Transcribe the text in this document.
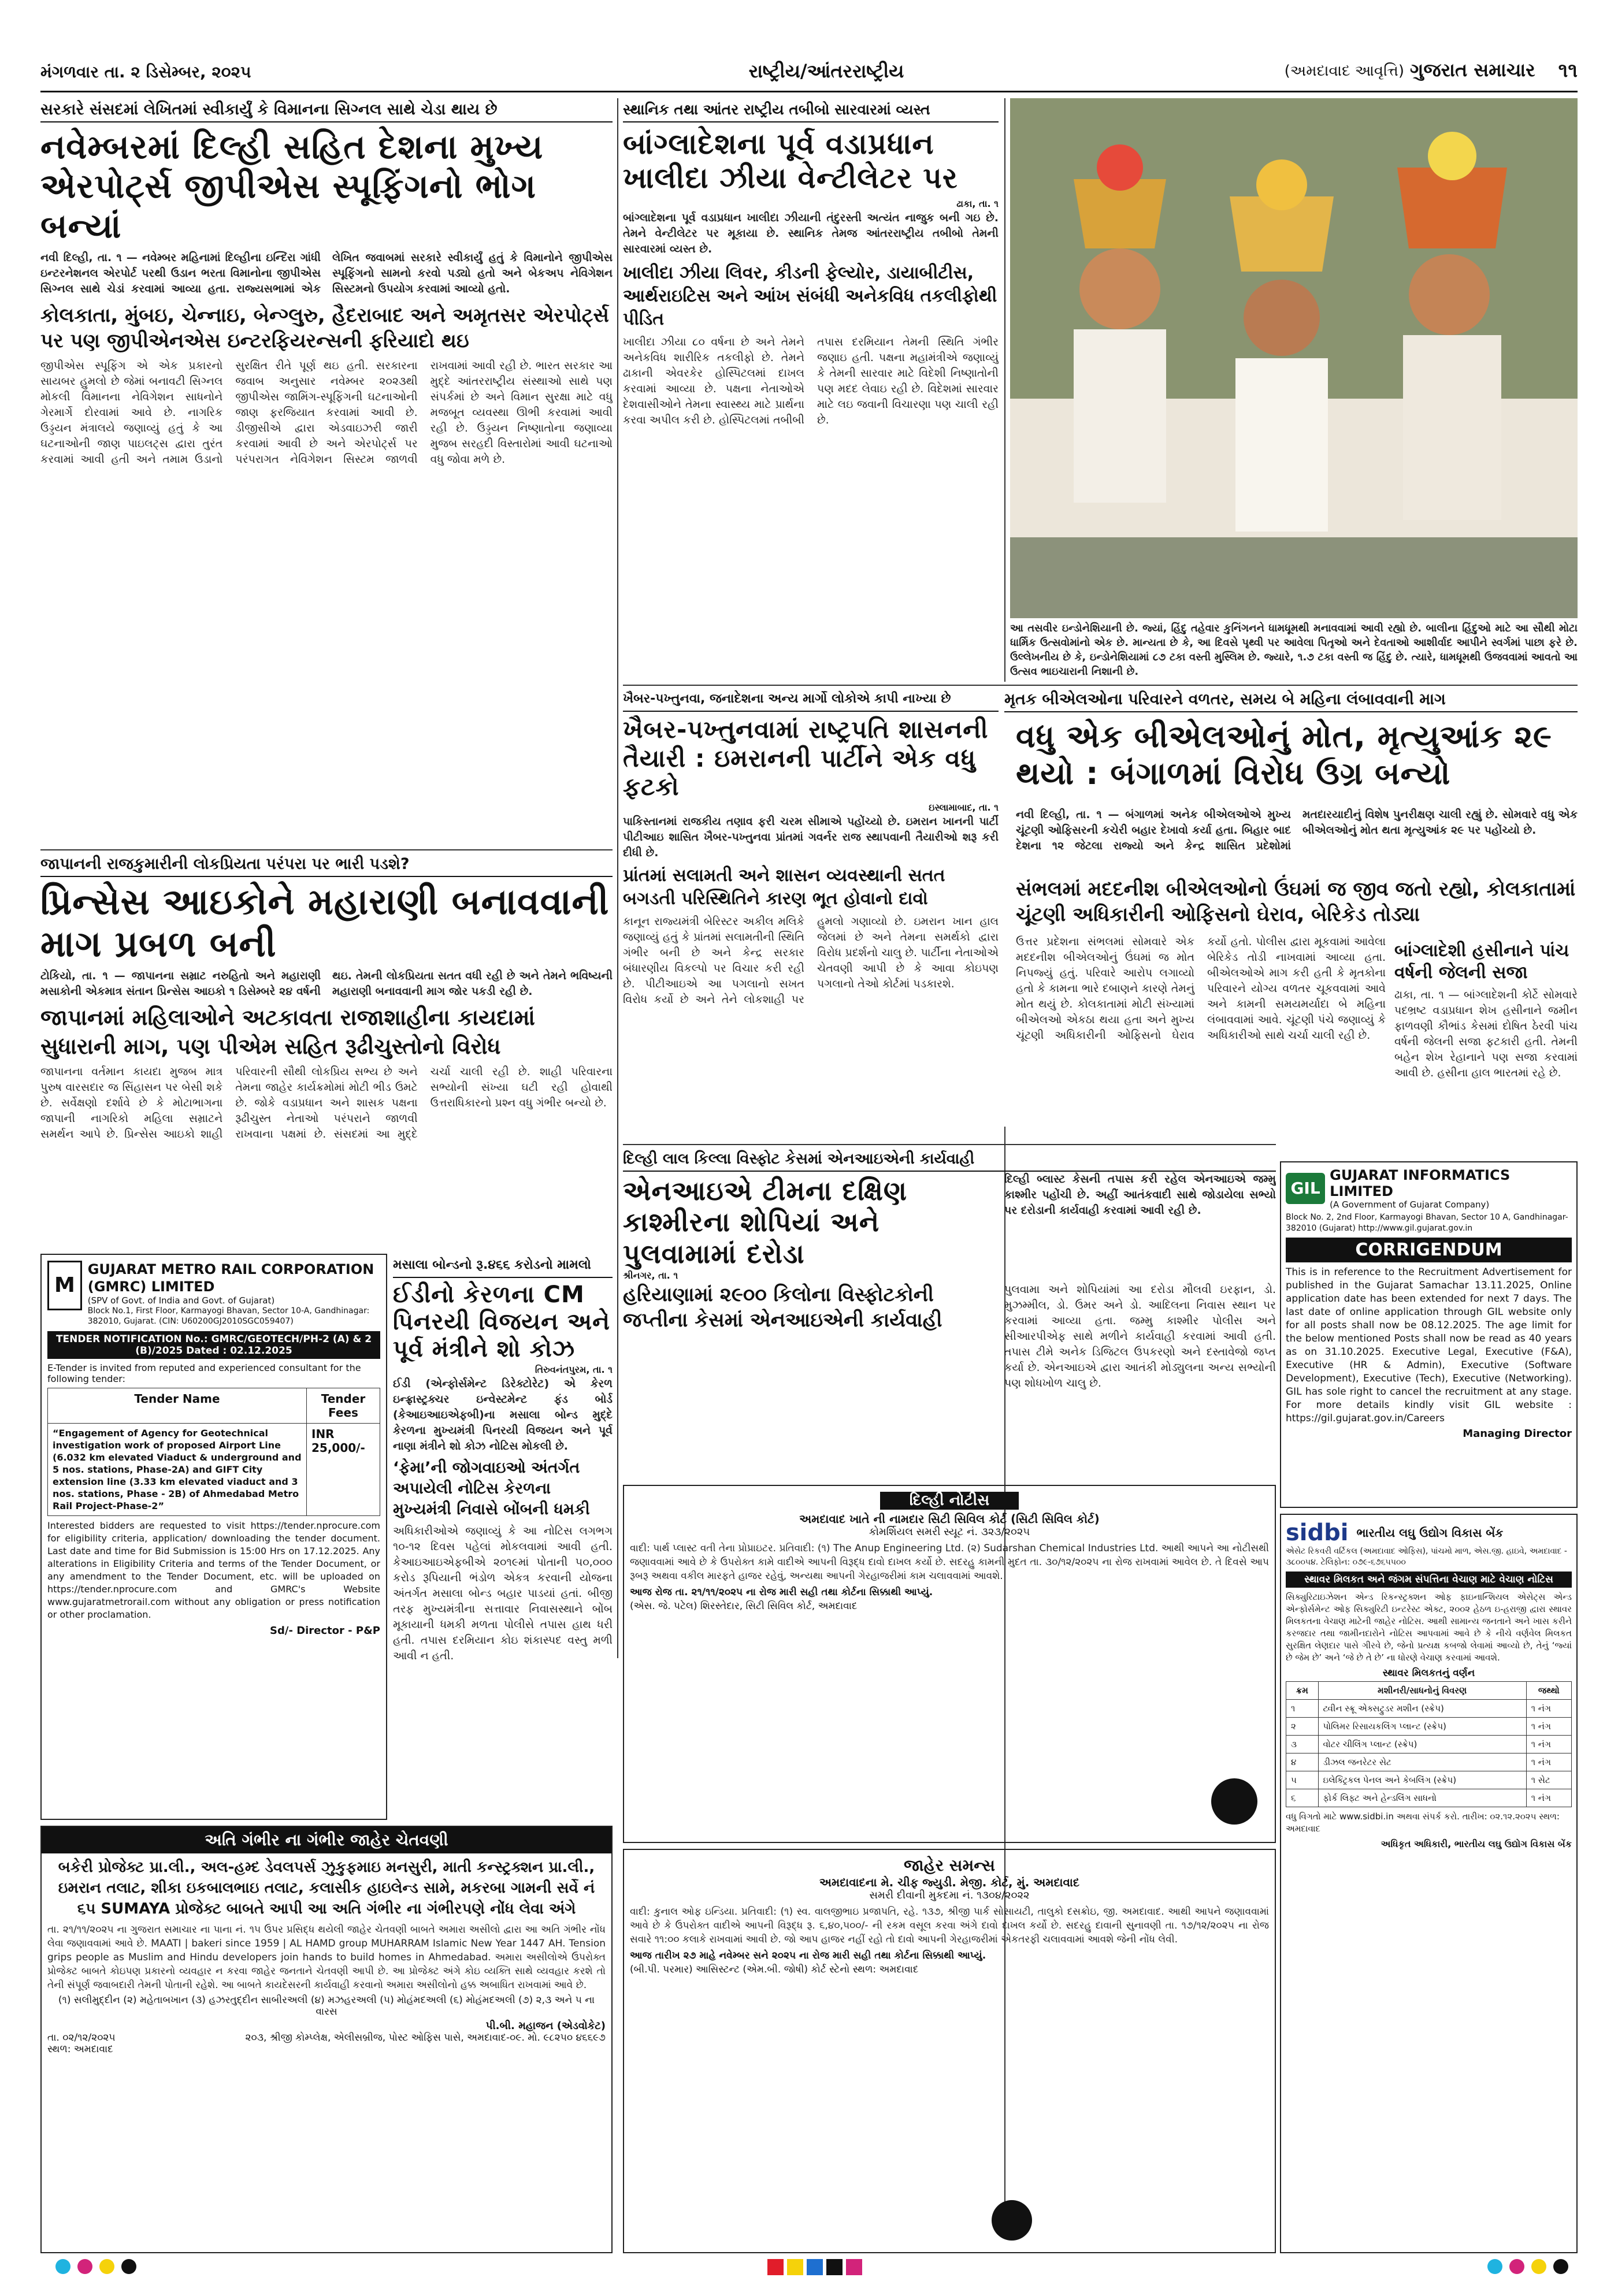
મંગળવાર તા. ૨ ડિસેમ્બર, ૨૦૨૫	રાષ્ટ્રીય/આંતરરાષ્ટ્રીય	(અમદાવાદ આવૃત્તિ) ગુજરાત સમાચાર	૧૧
સરકારે સંસદમાં લેખિતમાં સ્વીકાર્યું કે વિમાનના સિગ્નલ સાથે ચેડા થાય છે
નવેમ્બરમાં દિલ્હી સહિત દેશના મુખ્ય એરપોર્ટ્સ જીપીએસ સ્પૂફિંગનો ભોગ બન્યાં
નવી દિલ્હી, તા. ૧ — નવેમ્બર મહિનામાં દિલ્હીના ઇન્દિરા ગાંધી ઇન્ટરનેશનલ એરપોર્ટ પરથી ઉડાન ભરતા વિમાનોના જીપીએસ સિગ્નલ સાથે ચેડાં કરવામાં આવ્યા હતા. રાજ્યસભામાં એક લેખિત જવાબમાં સરકારે સ્વીકાર્યું હતું કે વિમાનોને જીપીએસ સ્પૂફિંગનો સામનો કરવો પડ્યો હતો અને બેકઅપ નેવિગેશન સિસ્ટમનો ઉપયોગ કરવામાં આવ્યો હતો.
કોલકાતા, મુંબઇ, ચેન્નાઇ, બેન્ગ્લુરુ, હૈદરાબાદ અને અમૃતસર એરપોર્ટ્સ પર પણ જીપીએનએસ ઇન્ટરફિયરન્સની ફરિયાદો થઇ
જીપીએસ સ્પૂફિંગ એ એક પ્રકારનો સાયબર હુમલો છે જેમાં બનાવટી સિગ્નલ મોકલી વિમાનના નેવિગેશન સાધનોને ગેરમાર્ગે દોરવામાં આવે છે. નાગરિક ઉડ્ડયન મંત્રાલયે જણાવ્યું હતું કે આ ઘટનાઓની જાણ પાઇલટ્સ દ્વારા તુરંત કરવામાં આવી હતી અને તમામ ઉડાનો સુરક્ષિત રીતે પૂર્ણ થઇ હતી. સરકારના જવાબ અનુસાર નવેમ્બર ૨૦૨૩થી જીપીએસ જામિંગ-સ્પૂફિંગની ઘટનાઓની જાણ ફરજિયાત કરવામાં આવી છે. ડીજીસીએ દ્વારા એડવાઇઝરી જારી કરવામાં આવી છે અને એરપોર્ટ્સ પર પરંપરાગત નેવિગેશન સિસ્ટમ જાળવી રાખવામાં આવી રહી છે. ભારત સરકાર આ મુદ્દે આંતરરાષ્ટ્રીય સંસ્થાઓ સાથે પણ સંપર્કમાં છે અને વિમાન સુરક્ષા માટે વધુ મજબૂત વ્યવસ્થા ઊભી કરવામાં આવી રહી છે. ઉડ્ડયન નિષ્ણાતોના જણાવ્યા મુજબ સરહદી વિસ્તારોમાં આવી ઘટનાઓ વધુ જોવા મળે છે.
સ્થાનિક તથા આંતર રાષ્ટ્રીય તબીબો સારવારમાં વ્યસ્ત
બાંગ્લાદેશના પૂર્વ વડાપ્રધાન ખાલીદા ઝીયા વેન્ટીલેટર પર
ઢાકા, તા. ૧
બાંગ્લાદેશના પૂર્વ વડાપ્રધાન ખાલીદા ઝીયાની તંદુરસ્તી અત્યંત નાજુક બની ગઇ છે. તેમને વેન્ટીલેટર પર મૂકાયા છે. સ્થાનિક તેમજ આંતરરાષ્ટ્રીય તબીબો તેમની સારવારમાં વ્યસ્ત છે.
ખાલીદા ઝીયા લિવર, કીડની ફેલ્યોર, ડાયાબીટીસ, આર્થરાઇટિસ અને આંખ સંબંધી અનેકવિધ તકલીફોથી પીડિત
ખાલીદા ઝીયા ૮૦ વર્ષના છે અને તેમને અનેકવિધ શારીરિક તકલીફો છે. તેમને ઢાકાની એવરકેર હોસ્પિટલમાં દાખલ કરવામાં આવ્યા છે. પક્ષના નેતાઓએ દેશવાસીઓને તેમના સ્વાસ્થ્ય માટે પ્રાર્થના કરવા અપીલ કરી છે. હોસ્પિટલમાં તબીબી તપાસ દરમિયાન તેમની સ્થિતિ ગંભીર જણાઇ હતી. પક્ષના મહામંત્રીએ જણાવ્યું કે તેમની સારવાર માટે વિદેશી નિષ્ણાતોની પણ મદદ લેવાઇ રહી છે. વિદેશમાં સારવાર માટે લઇ જવાની વિચારણા પણ ચાલી રહી છે.
આ તસવીર ઇન્ડોનેશિયાની છે. જ્યાં, હિંદુ તહેવાર કુનિંગનને ધામધૂમથી મનાવવામાં આવી રહ્યો છે. બાલીના હિંદુઓ માટે આ સૌથી મોટા ધાર્મિક ઉત્સવોમાંનો એક છે. માન્યતા છે કે, આ દિવસે પૃથ્વી પર આવેલા પિતૃઓ અને દેવતાઓ આશીર્વાદ આપીને સ્વર્ગમાં પાછા ફરે છે. ઉલ્લેખનીય છે કે, ઇન્ડોનેશિયામાં ૮૭ ટકા વસ્તી મુસ્લિમ છે. જ્યારે, ૧.૭ ટકા વસ્તી જ હિંદુ છે. ત્યારે, ધામધૂમથી ઉજવવામાં આવતો આ ઉત્સવ ભાઇચારાની નિશાની છે.
મૃતક બીએલઓના પરિવારને વળતર, સમય બે મહિના લંબાવવાની માગ
વધુ એક બીએલઓનું મોત, મૃત્યુઆંક ૨૯ થયો : બંગાળમાં વિરોધ ઉગ્ર બન્યો
નવી દિલ્હી, તા. ૧ — બંગાળમાં અનેક બીએલઓએ મુખ્ય ચૂંટણી ઓફિસરની કચેરી બહાર દેખાવો કર્યા હતા. બિહાર બાદ દેશના ૧૨ જેટલા રાજ્યો અને કેન્દ્ર શાસિત પ્રદેશોમાં મતદારયાદીનું વિશેષ પુનરીક્ષણ ચાલી રહ્યું છે. સોમવારે વધુ એક બીએલઓનું મોત થતા મૃત્યુઆંક ૨૯ પર પહોંચ્યો છે.
સંભલમાં મદદનીશ બીએલઓનો ઉંઘમાં જ જીવ જતો રહ્યો, કોલકાતામાં ચૂંટણી અધિકારીની ઓફિસનો ઘેરાવ, બેરિકેડ તોડ્યા
ઉત્તર પ્રદેશના સંભલમાં સોમવારે એક મદદનીશ બીએલઓનું ઉંઘમાં જ મોત નિપજ્યું હતું. પરિવારે આરોપ લગાવ્યો હતો કે કામના ભારે દબાણને કારણે તેમનું મોત થયું છે. કોલકાતામાં મોટી સંખ્યામાં બીએલઓ એકઠા થયા હતા અને મુખ્ય ચૂંટણી અધિકારીની ઓફિસનો ઘેરાવ કર્યો હતો. પોલીસ દ્વારા મૂકવામાં આવેલા બેરિકેડ તોડી નાખવામાં આવ્યા હતા. બીએલઓએ માગ કરી હતી કે મૃતકોના પરિવારને યોગ્ય વળતર ચૂકવવામાં આવે અને કામની સમયમર્યાદા બે મહિના લંબાવવામાં આવે. ચૂંટણી પંચે જણાવ્યું કે અધિકારીઓ સાથે ચર્ચા ચાલી રહી છે.
બાંગ્લાદેશી હસીનાને પાંચ વર્ષની જેલની સજા
ઢાકા, તા. ૧ — બાંગ્લાદેશની કોર્ટે સોમવારે પદભ્રષ્ટ વડાપ્રધાન શેખ હસીનાને જમીન ફાળવણી કૌભાંડ કેસમાં દોષિત ઠેરવી પાંચ વર્ષની જેલની સજા ફટકારી હતી. તેમની બહેન શેખ રેહાનાને પણ સજા કરવામાં આવી છે. હસીના હાલ ભારતમાં રહે છે.
ખૈબર-પખ્તુનવા, જનાદેશના અન્ય માર્ગો લોકોએ કાપી નાખ્યા છે
ખૈબર-પખ્તુનવામાં રાષ્ટ્રપતિ શાસનની તૈયારી : ઇમરાનની પાર્ટીને એક વધુ ફટકો
ઇસ્લામાબાદ, તા. ૧
પાકિસ્તાનમાં રાજકીય તણાવ ફરી ચરમ સીમાએ પહોંચ્યો છે. ઇમરાન ખાનની પાર્ટી પીટીઆઇ શાસિત ખૈબર-પખ્તુનવા પ્રાંતમાં ગવર્નર રાજ સ્થાપવાની તૈયારીઓ શરૂ કરી દીધી છે.
પ્રાંતમાં સલામતી અને શાસન વ્યવસ્થાની સતત બગડતી પરિસ્થિતિને કારણ ભૂત હોવાનો દાવો
કાનૂન રાજ્યમંત્રી બેરિસ્ટર અકીલ મલિકે જણાવ્યું હતું કે પ્રાંતમાં સલામતીની સ્થિતિ ગંભીર બની છે અને કેન્દ્ર સરકાર બંધારણીય વિકલ્પો પર વિચાર કરી રહી છે. પીટીઆઇએ આ પગલાનો સખત વિરોધ કર્યો છે અને તેને લોકશાહી પર હુમલો ગણાવ્યો છે. ઇમરાન ખાન હાલ જેલમાં છે અને તેમના સમર્થકો દ્વારા વિરોધ પ્રદર્શનો ચાલુ છે. પાર્ટીના નેતાઓએ ચેતવણી આપી છે કે આવા કોઇપણ પગલાનો તેઓ કોર્ટમાં પડકારશે.
જાપાનની રાજકુમારીની લોકપ્રિયતા પરંપરા પર ભારી પડશે?
પ્રિન્સેસ આઇકોને મહારાણી બનાવવાની માગ પ્રબળ બની
ટોકિયો, તા. ૧ — જાપાનના સમ્રાટ નરુહિતો અને મહારાણી મસાકોની એકમાત્ર સંતાન પ્રિન્સેસ આઇકો ૧ ડિસેમ્બરે ૨૪ વર્ષની થઇ. તેમની લોકપ્રિયતા સતત વધી રહી છે અને તેમને ભવિષ્યની મહારાણી બનાવવાની માગ જોર પકડી રહી છે.
જાપાનમાં મહિલાઓને અટકાવતા રાજાશાહીના કાયદામાં સુધારાની માગ, પણ પીએમ સહિત રૂઢીચુસ્તોનો વિરોધ
જાપાનના વર્તમાન કાયદા મુજબ માત્ર પુરુષ વારસદાર જ સિંહાસન પર બેસી શકે છે. સર્વેક્ષણો દર્શાવે છે કે મોટાભાગના જાપાની નાગરિકો મહિલા સમ્રાટને સમર્થન આપે છે. પ્રિન્સેસ આઇકો શાહી પરિવારની સૌથી લોકપ્રિય સભ્ય છે અને તેમના જાહેર કાર્યક્રમોમાં મોટી ભીડ ઉમટે છે. જોકે વડાપ્રધાન અને શાસક પક્ષના રૂઢીચુસ્ત નેતાઓ પરંપરાને જાળવી રાખવાના પક્ષમાં છે. સંસદમાં આ મુદ્દે ચર્ચા ચાલી રહી છે. શાહી પરિવારના સભ્યોની સંખ્યા ઘટી રહી હોવાથી ઉત્તરાધિકારનો પ્રશ્ન વધુ ગંભીર બન્યો છે.
દિલ્હી લાલ કિલ્લા વિસ્ફોટ કેસમાં એનઆઇએની કાર્યવાહી
એનઆઇએ ટીમના દક્ષિણ કાશ્મીરના શોપિયાં અને પુલવામામાં દરોડા
દિલ્હી બ્લાસ્ટ કેસની તપાસ કરી રહેલ એનઆઇએ જમ્મુ કાશ્મીર પહોંચી છે. અહીં આતંકવાદી સાથે જોડાયેલા સભ્યો પર દરોડાની કાર્યવાહી કરવામાં આવી રહી છે.
શ્રીનગર, તા. ૧
હરિયાણામાં ૨૯૦૦ કિલોના વિસ્ફોટકોની જપ્તીના કેસમાં એનઆઇએની કાર્યવાહી
પુલવામા અને શોપિયાંમાં આ દરોડા મૌલવી ઇરફાન, ડો. મુઝમ્મીલ, ડો. ઉમર અને ડો. આદિલના નિવાસ સ્થાન પર કરવામાં આવ્યા હતા. જમ્મુ કાશ્મીર પોલીસ અને સીઆરપીએફ સાથે મળીને કાર્યવાહી કરવામાં આવી હતી. તપાસ ટીમે અનેક ડિજિટલ ઉપકરણો અને દસ્તાવેજો જપ્ત કર્યા છે. એનઆઇએ દ્વારા આતંકી મોડ્યુલના અન્ય સભ્યોની પણ શોધખોળ ચાલુ છે.
GIL
GUJARAT INFORMATICS LIMITED
(A Government of Gujarat Company)
Block No. 2, 2nd Floor, Karmayogi Bhavan, Sector 10 A, Gandhinagar-382010 (Gujarat) http://www.gil.gujarat.gov.in
CORRIGENDUM
This is in reference to the Recruitment Advertisement for published in the Gujarat Samachar 13.11.2025, Online application date has been extended for next 7 days. The last date of online application through GIL website only for all posts shall now be 08.12.2025. The age limit for the below mentioned Posts shall now be read as 40 years as on 31.10.2025. Executive Legal, Executive (F&A), Executive (HR & Admin), Executive (Software Development), Executive (Tech), Executive (Networking). GIL has sole right to cancel the recruitment at any stage. For more details kindly visit GIL website : https://gil.gujarat.gov.in/Careers
Managing Director
M
GUJARAT METRO RAIL CORPORATION (GMRC) LIMITED
(SPV of Govt. of India and Govt. of Gujarat)
Block No.1, First Floor, Karmayogi Bhavan, Sector 10-A, Gandhinagar: 382010, Gujarat. (CIN: U60200GJ2010SGC059407)
TENDER NOTIFICATION No.: GMRC/GEOTECH/PH-2 (A) & 2 (B)/2025 Dated : 02.12.2025
E-Tender is invited from reputed and experienced consultant for the following tender:
Tender Name	Tender Fees
“Engagement of Agency for Geotechnical investigation work of proposed Airport Line (6.032 km elevated Viaduct & underground and 5 nos. stations, Phase-2A) and GIFT City extension line (3.33 km elevated viaduct and 3 nos. stations, Phase - 2B) of Ahmedabad Metro Rail Project-Phase-2”	INR 25,000/-
Interested bidders are requested to visit https://tender.nprocure.com for eligibility criteria, application/ downloading the tender document. Last date and time for Bid Submission is 15:00 Hrs on 17.12.2025. Any alterations in Eligibility Criteria and terms of the Tender Document, or any amendment to the Tender Document, etc. will be uploaded on https://tender.nprocure.com and GMRC's Website www.gujaratmetrorail.com without any obligation or press notification or other proclamation.
Sd/- Director - P&P
મસાલા બોન્ડનો રૂ.૪૬૬ કરોડનો મામલો
ઈડીનો કેરળના CM પિનરયી વિજયન અને પૂર્વ મંત્રીને શો કોઝ
તિરુવનંતપુરમ, તા. ૧
ઈડી (એન્ફોર્સમેન્ટ ડિરેક્ટોરેટ) એ કેરળ ઇન્ફ્રાસ્ટ્રક્ચર ઇન્વેસ્ટમેન્ટ ફંડ બોર્ડ (કેઆઇઆઇએફબી)ના મસાલા બોન્ડ મુદ્દે કેરળના મુખ્યમંત્રી પિનરયી વિજયન અને પૂર્વ નાણા મંત્રીને શો કોઝ નોટિસ મોકલી છે.
‘ફેમા’ની જોગવાઇઓ અંતર્ગત અપાયેલી નોટિસ કેરળના મુખ્યમંત્રી નિવાસે બોંબની ધમકી
અધિકારીઓએ જણાવ્યું કે આ નોટિસ લગભગ ૧૦-૧૨ દિવસ પહેલાં મોકલવામાં આવી હતી. કેઆઇઆઇએફબીએ ૨૦૧૯માં પોતાની ૫૦,૦૦૦ કરોડ રૂપિયાની ભંડોળ એકત્ર કરવાની યોજના અંતર્ગત મસાલા બોન્ડ બહાર પાડયાં હતાં. બીજી તરફ મુખ્યમંત્રીના સત્તાવાર નિવાસસ્થાને બોંબ મૂકાયાની ધમકી મળતા પોલીસે તપાસ હાથ ધરી હતી. તપાસ દરમિયાન કોઇ શંકાસ્પદ વસ્તુ મળી આવી ન હતી.
દિલ્હી નોટીસ
અમદાવાદ ખાતે ની નામદાર સિટી સિવિલ કોર્ટ (સિટી સિવિલ કોર્ટ)
કોમર્શિયલ સમરી સ્યૂટ નં. ૩૨૩/૨૦૨૫
વાદી: પાર્થ પ્લાસ્ટ વતી તેના પ્રોપ્રાઇટર. પ્રતિવાદી: (૧) The Anup Engineering Ltd. (૨) Sudarshan Chemical Industries Ltd. આથી આપને આ નોટીસથી જણાવવામાં આવે છે કે ઉપરોક્ત કામે વાદીએ આપની વિરૂદ્ધ દાવો દાખલ કર્યો છે. સદરહુ કામની મુદત તા. ૩૦/૧૨/૨૦૨૫ ના રોજ રાખવામાં આવેલ છે. તે દિવસે આપ રૂબરૂ અથવા વકીલ મારફતે હાજર રહેવું, અન્યથા આપની ગેરહાજરીમાં કામ ચલાવવામાં આવશે.
આજ રોજ તા. ૨૧/૧૧/૨૦૨૫ ના રોજ મારી સહી તથા કોર્ટના સિક્કાથી આપ્યું.
(એસ. જે. પટેલ) શિરસ્તેદાર, સિટી સિવિલ કોર્ટ, અમદાવાદ
જાહેર સમન્સ
અમદાવાદના મે. ચીફ જ્યુડી. મેજી. કોર્ટ, મું. અમદાવાદ
સમરી દીવાની મુકદમા નં. ૧૩૦૪/૨૦૨૨
વાદી: કુનાલ ઓફ ઇન્ડિયા. પ્રતિવાદી: (૧) સ્વ. વાલજીભાઇ પ્રજાપતિ, રહે. ૧૩૭, શ્રીજી પાર્ક સોસાયટી, તાલુકો દસક્રોઇ, જી. અમદાવાદ. આથી આપને જણાવવામાં આવે છે કે ઉપરોક્ત વાદીએ આપની વિરૂદ્ધ રૂ. ૬,૪૦,૫૦૦/- ની રકમ વસૂલ કરવા અંગે દાવો દાખલ કર્યો છે. સદરહુ દાવાની સુનાવણી તા. ૧૭/૧૨/૨૦૨૫ ના રોજ સવારે ૧૧:૦૦ કલાકે રાખવામાં આવી છે. જો આપ હાજર નહીં રહો તો દાવો આપની ગેરહાજરીમાં એકતરફી ચલાવવામાં આવશે જેની નોંધ લેવી.
આજ તારીખ ૨૭ માહે નવેમ્બર સને ૨૦૨૫ ના રોજ મારી સહી તથા કોર્ટના સિક્કાથી આપ્યું.
(બી.પી. પરમાર) આસિસ્ટન્ટ (એમ.બી. જોષી) કોર્ટ સ્ટેનો સ્થળ: અમદાવાદ
અતિ ગંભીર ના ગંભીર જાહેર ચેતવણી
બકેરી પ્રોજેક્ટ પ્રા.લી., અલ-હમ્દ ડેવલપર્સ ઝુકુફમાઇ મનસુરી, માતી કન્સ્ટ્રક્શન પ્રા.લી., ઇમરાન તલાટ, શીકા ઇકબાલભાઇ તલાટ, કલાસીક હાઇલેન્ડ સામે, મકરબા ગામની સર્વે નં ૬૫ SUMAYA પ્રોજેક્ટ બાબતે આપી આ અતિ ગંભીર ના ગંભીરપણે નોંધ લેવા અંગે
તા. ૨૧/૧૧/૨૦૨૫ ના ગુજરાત સમાચાર ના પાના નં. ૧૫ ઉપર પ્રસિદ્ધ થયેલી જાહેર ચેતવણી બાબતે અમારા અસીલો દ્વારા આ અતિ ગંભીર નોંધ લેવા જણાવવામાં આવે છે. MAATI | bakeri since 1959 | AL HAMD group MUHARRAM Islamic New Year 1447 AH. Tension grips people as Muslim and Hindu developers join hands to build homes in Ahmedabad. અમારા અસીલોએ ઉપરોક્ત પ્રોજેક્ટ બાબતે કોઇપણ પ્રકારનો વ્યવહાર ન કરવા જાહેર જનતાને ચેતવણી આપી છે. આ પ્રોજેક્ટ અંગે કોઇ વ્યક્તિ સાથે વ્યવહાર કરશે તો તેની સંપૂર્ણ જવાબદારી તેમની પોતાની રહેશે. આ બાબતે કાયદેસરની કાર્યવાહી કરવાનો અમારા અસીલોનો હક્ક અબાધિત રાખવામાં આવે છે.
(૧) સલીમુદ્દીન (૨) મહેતાબખાન (૩) હઝરતુદ્દીન સાબીરઅલી (૪) મઝહરઅલી (૫) મોહંમદઅલી (૬) મોહંમદઅલી (૭) ૨,૩ અને ૫ ના વારસ
પી.બી. મહાજન (એડવોકેટ)
તા. ૦૨/૧૨/૨૦૨૫	૨૦૩, શ્રીજી કોમ્પ્લેક્ષ, એલીસબ્રીજ, પોસ્ટ ઓફિસ પાસે, અમદાવાદ-૦૯. મો. ૯૮૨૫૦ ૪૬૬૯૭
સ્થળ: અમદાવાદ
sidbi ભારતીય લઘુ ઉદ્યોગ વિકાસ બેંક
એસેટ રિકવરી વર્ટિકલ (અમદાવાદ ઓફિસ), પાંચમો માળ, એસ.જી. હાઇવે, અમદાવાદ - ૩૮૦૦૫૪. ટેલિફોન: ૦૭૯-૬૭૬૫૫૦૦
સ્થાવર મિલકત અને જંગમ સંપત્તિના વેચાણ માટે વેચાણ નોટિસ
સિક્યુરિટાઇઝેશન એન્ડ રિકન્સ્ટ્રક્શન ઓફ ફાઇનાન્શિયલ એસેટ્સ એન્ડ એન્ફોર્સમેન્ટ ઓફ સિક્યુરિટી ઇન્ટરેસ્ટ એક્ટ, ૨૦૦૨ હેઠળ ઇ-હરાજી દ્વારા સ્થાવર મિલકતના વેચાણ માટેની જાહેર નોટિસ. આથી સામાન્ય જનતાને અને ખાસ કરીને કરજદાર તથા જામીનદારોને નોટિસ આપવામાં આવે છે કે નીચે વર્ણવેલ મિલકત સુરક્ષિત લેણદાર પાસે ગીરવે છે, જેનો પ્રત્યક્ષ કબજો લેવામાં આવ્યો છે, તેનું ‘જ્યાં છે જેમ છે’ અને ‘જે છે તે છે’ ના ધોરણે વેચાણ કરવામાં આવશે.
સ્થાવર મિલકતનું વર્ણન
ક્રમ	મશીનરી/સાધનોનું વિવરણ	જથ્થો
૧	ટ્વીન સ્ક્રૂ એક્સટ્રુડર મશીન (સ્ક્રેપ)	૧ નંગ
૨	પોલિમર રિસાયકલિંગ પ્લાન્ટ (સ્ક્રેપ)	૧ નંગ
૩	વોટર ચીલિંગ પ્લાન્ટ (સ્ક્રેપ)	૧ નંગ
૪	ડીઝલ જનરેટર સેટ	૧ નંગ
૫	ઇલેક્ટ્રિકલ પેનલ અને કેબલિંગ (સ્ક્રેપ)	૧ સેટ
૬	ફોર્ક લિફ્ટ અને હેન્ડલિંગ સાધનો	૧ નંગ
વધુ વિગતો માટે www.sidbi.in અથવા સંપર્ક કરો. તારીખ: ૦૨.૧૨.૨૦૨૫ સ્થળ: અમદાવાદ
અધિકૃત અધિકારી, ભારતીય લઘુ ઉદ્યોગ વિકાસ બેંક
